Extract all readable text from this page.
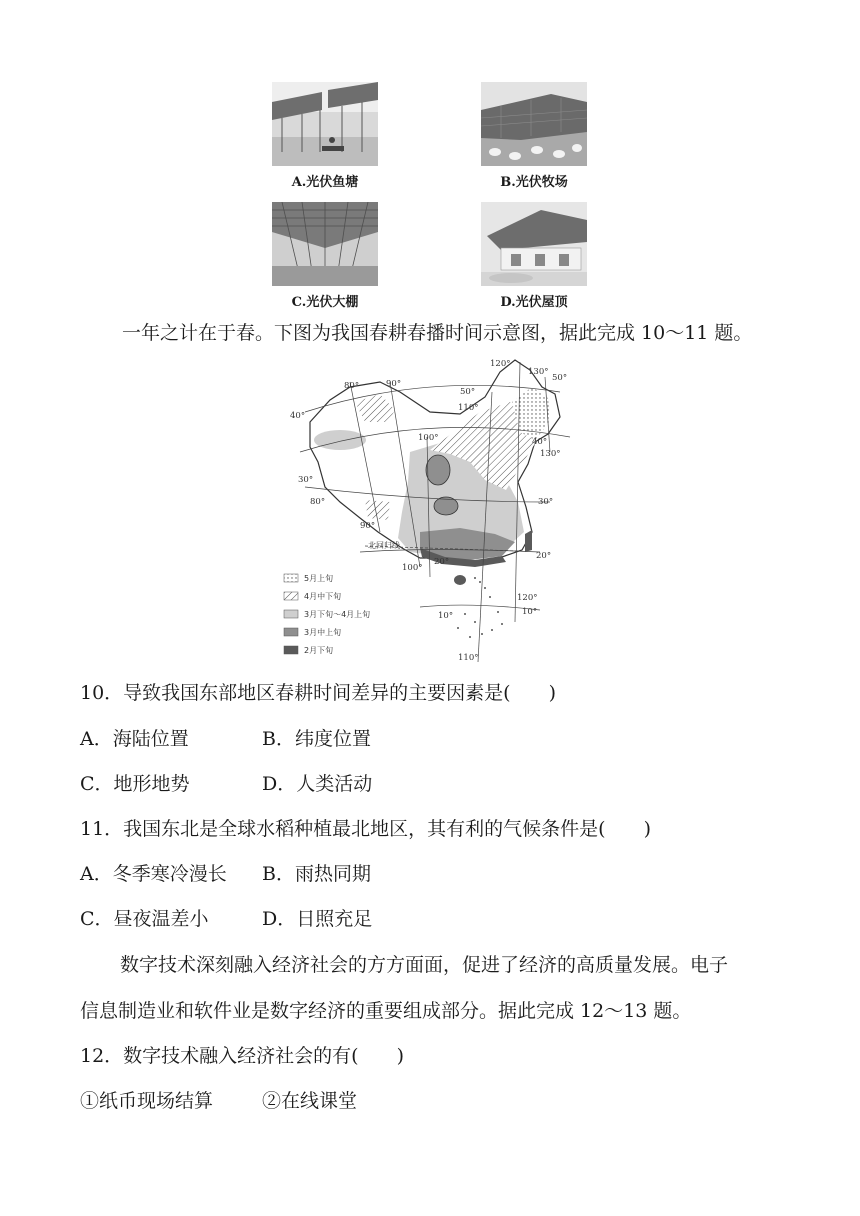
A.光伏鱼塘	B.光伏牧场
C.光伏大棚	D.光伏屋顶
一年之计在于春。下图为我国春耕春播时间示意图，据此完成 10～11 题。
50°
50°
40°
40°
30°
30°
20°
20°
10°	10°
80°	90°
100°
110°
120°
130°
130°
80°
90°
100°
120°
110°
北回归线
5月上旬
4月中下旬
3月下旬～4月上旬
3月中上旬
2月下旬
10．导致我国东部地区春耕时间差异的主要因素是(　　)
A．海陆位置	B．纬度位置
C．地形地势	D．人类活动
11．我国东北是全球水稻种植最北地区，其有利的气候条件是(　　)
A．冬季寒冷漫长 B．雨热同期
C．昼夜温差小	D．日照充足
数字技术深刻融入经济社会的方方面面，促进了经济的高质量发展。电子
信息制造业和软件业是数字经济的重要组成部分。据此完成 12～13 题。
12．数字技术融入经济社会的有(　　)
①纸币现场结算	②在线课堂
